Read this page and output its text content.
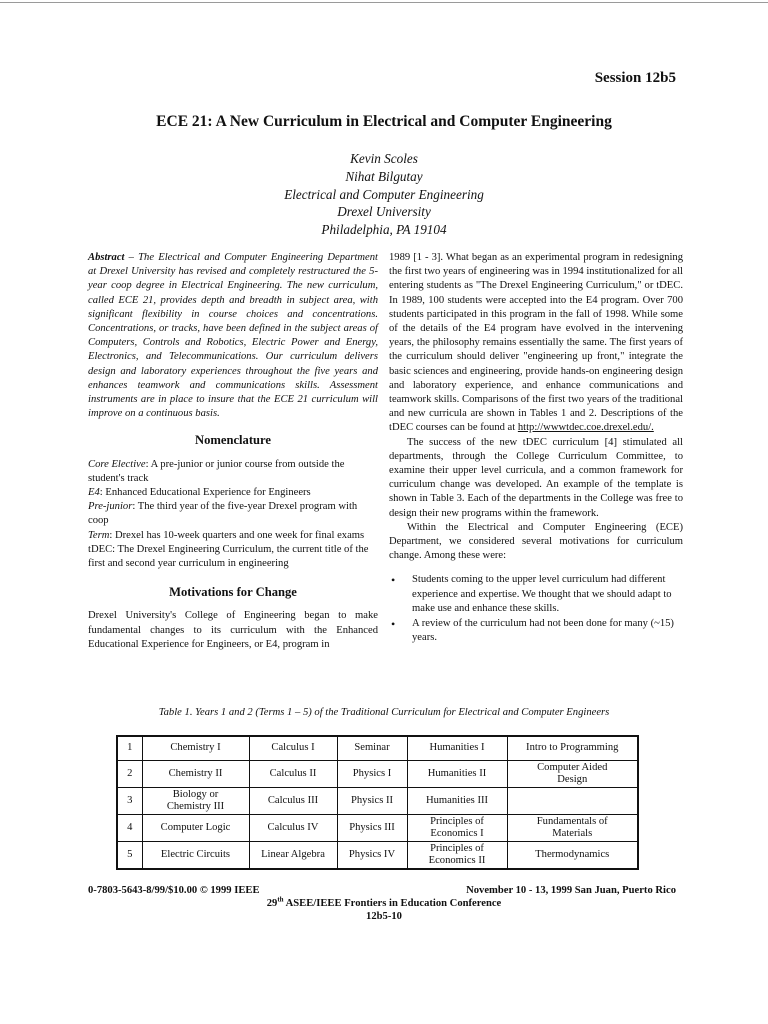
Session 12b5
ECE 21: A New Curriculum in Electrical and Computer Engineering
Kevin Scoles
Nihat Bilgutay
Electrical and Computer Engineering
Drexel University
Philadelphia, PA 19104

Abstract – The Electrical and Computer Engineering Department at Drexel University has revised and completely restructured the 5-year coop degree in Electrical Engineering. The new curriculum, called ECE 21, provides depth and breadth in subject area, with significant flexibility in course choices and concentrations. Concentrations, or tracks, have been defined in the subject areas of Computers, Controls and Robotics, Electric Power and Energy, Electronics, and Telecommunications. Our curriculum delivers design and laboratory experiences throughout the five years and enhances teamwork and communications skills. Assessment instruments are in place to insure that the ECE 21 curriculum will improve on a continuous basis.

Nomenclature

Core Elective: A pre-junior or junior course from outside the student's track

E4: Enhanced Educational Experience for Engineers

Pre-junior: The third year of the five-year Drexel program with coop

Term: Drexel has 10-week quarters and one week for final exams

tDEC: The Drexel Engineering Curriculum, the current title of the first and second year curriculum in engineering

Motivations for Change

Drexel University's College of Engineering began to make fundamental changes to its curriculum with the Enhanced Educational Experience for Engineers, or E4, program in

1989 [1 - 3]. What began as an experimental program in redesigning the first two years of engineering was in 1994 institutionalized for all entering students as "The Drexel Engineering Curriculum," or tDEC. In 1989, 100 students were accepted into the E4 program. Over 700 students participated in this program in the fall of 1998. While some of the details of the E4 program have evolved in the intervening years, the philosophy remains essentially the same. The first years of the curriculum should deliver "engineering up front," integrate the basic sciences and engineering, provide hands-on engineering design and laboratory experience, and enhance communications and teamwork skills. Comparisons of the first two years of the traditional and new curricula are shown in Tables 1 and 2. Descriptions of the tDEC courses can be found at http://wwwtdec.coe.drexel.edu/.

The success of the new tDEC curriculum [4] stimulated all departments, through the College Curriculum Committee, to examine their upper level curricula, and a common framework for curriculum change was developed. An example of the template is shown in Table 3. Each of the departments in the College was free to design their new programs within the framework.

Within the Electrical and Computer Engineering (ECE) Department, we considered several motivations for curriculum change. Among these were:

• Students coming to the upper level curriculum had different experience and expertise. We thought that we should adapt to make use and enhance these skills.
• A review of the curriculum had not been done for many (~15) years.
Table 1. Years 1 and 2 (Terms 1 – 5) of the Traditional Curriculum for Electrical and Computer Engineers
1	Chemistry I	Calculus I	Seminar	Humanities I	Intro to Programming
2	Chemistry II	Calculus II	Physics I	Humanities II	Computer Aided Design
3	Biology or Chemistry III	Calculus III	Physics II	Humanities III	
4	Computer Logic	Calculus IV	Physics III	Principles of Economics I	Fundamentals of Materials
5	Electric Circuits	Linear Algebra	Physics IV	Principles of Economics II	Thermodynamics
0-7803-5643-8/99/$10.00 © 1999 IEEE	November 10 - 13, 1999 San Juan, Puerto Rico
29th ASEE/IEEE Frontiers in Education Conference
12b5-10
